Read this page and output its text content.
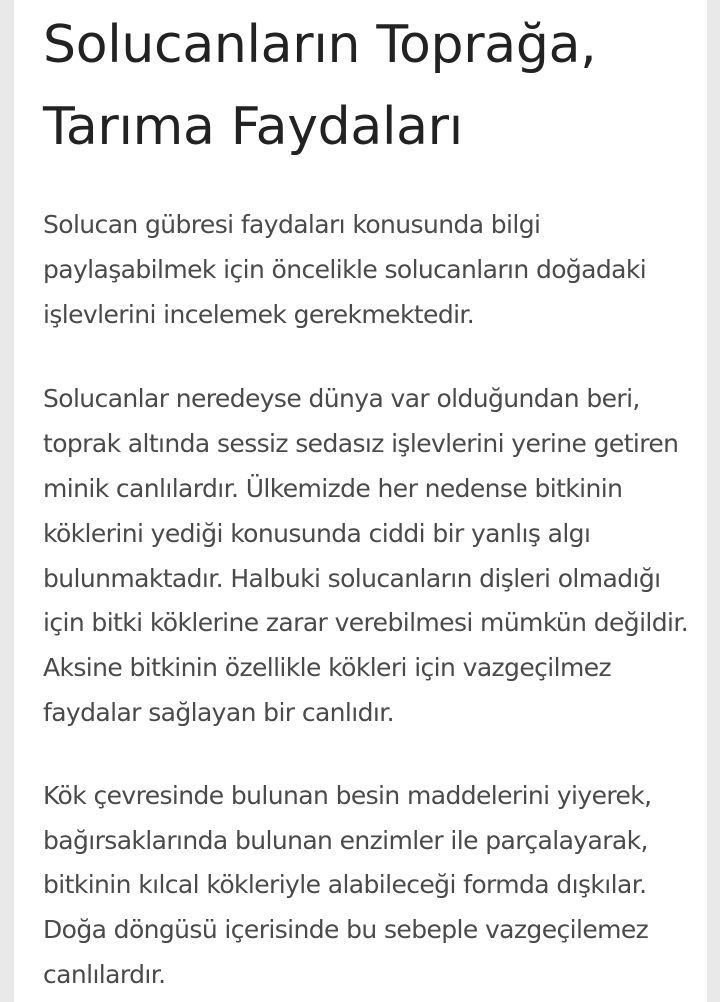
Solucanların Toprağa, Tarıma Faydaları

Solucan gübresi faydaları konusunda bilgi paylaşabilmek için öncelikle solucanların doğadaki işlevlerini incelemek gerekmektedir.

Solucanlar neredeyse dünya var olduğundan beri, toprak altında sessiz sedasız işlevlerini yerine getiren minik canlılardır. Ülkemizde her nedense bitkinin köklerini yediği konusunda ciddi bir yanlış algı bulunmaktadır. Halbuki solucanların dişleri olmadığı için bitki köklerine zarar verebilmesi mümkün değildir. Aksine bitkinin özellikle kökleri için vazgeçilmez faydalar sağlayan bir canlıdır.

Kök çevresinde bulunan besin maddelerini yiyerek, bağırsaklarında bulunan enzimler ile parçalayarak, bitkinin kılcal kökleriyle alabileceği formda dışkılar. Doğa döngüsü içerisinde bu sebeple vazgeçilemez canlılardır.
